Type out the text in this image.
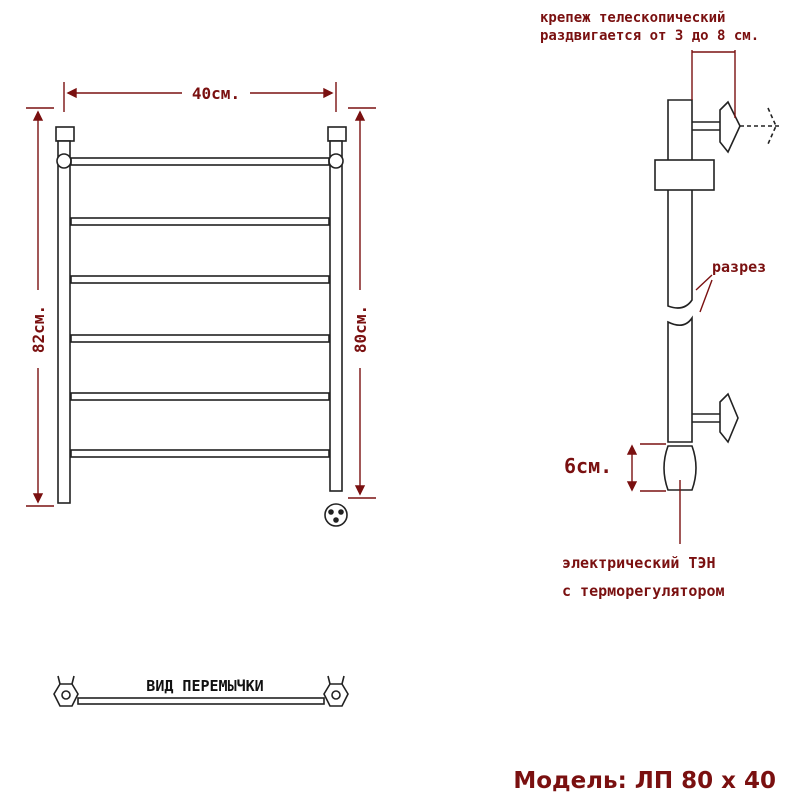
40см.
82см.	80см.
крепеж телескопический
раздвигается от 3 до 8 см.
разрез
6см.
электрический ТЭН
с терморегулятором
ВИД ПЕРЕМЫЧКИ
Модель: ЛП 80 х 40
